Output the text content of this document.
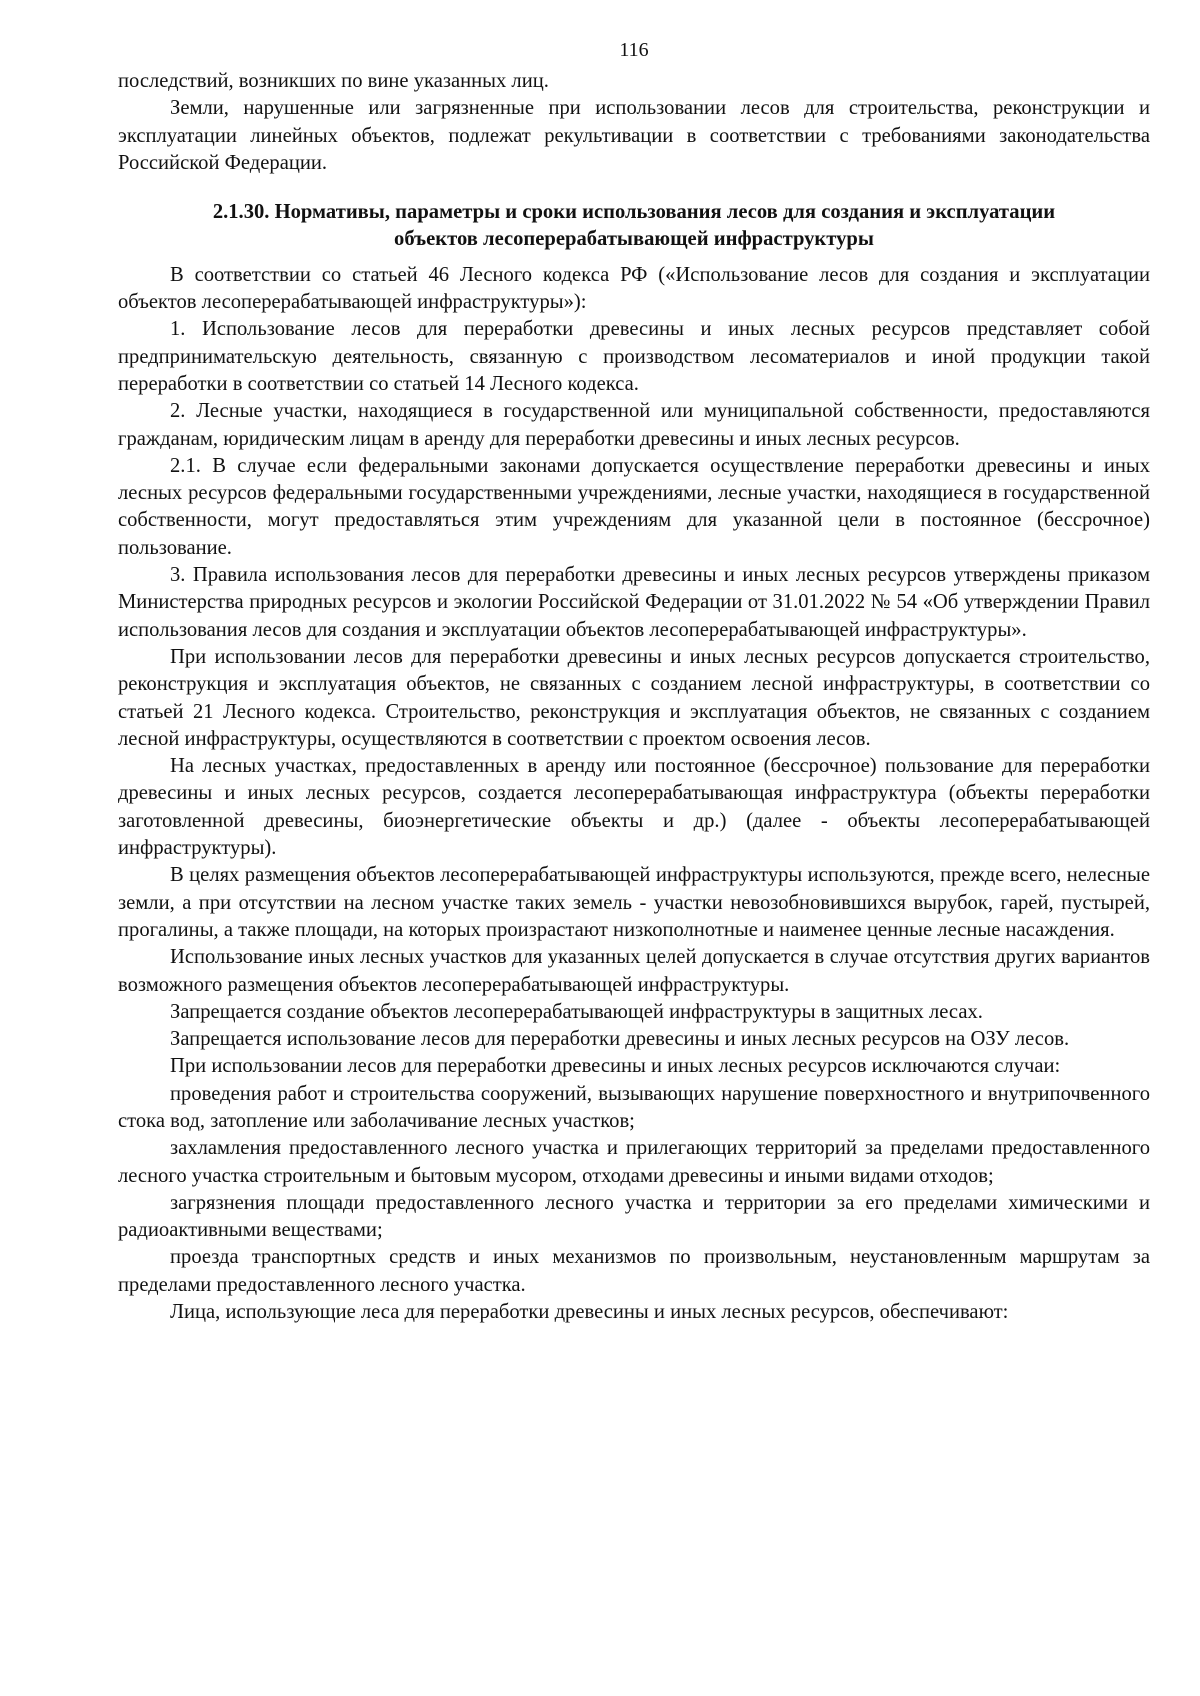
116

последствий, возникших по вине указанных лиц.

Земли, нарушенные или загрязненные при использовании лесов для строительства, реконструкции и эксплуатации линейных объектов, подлежат рекультивации в соответствии с требованиями законодательства Российской Федерации.

2.1.30. Нормативы, параметры и сроки использования лесов для создания и эксплуатации
объектов лесоперерабатывающей инфраструктуры

В соответствии со статьей 46 Лесного кодекса РФ («Использование лесов для создания и эксплуатации объектов лесоперерабатывающей инфраструктуры»):

1. Использование лесов для переработки древесины и иных лесных ресурсов представляет собой предпринимательскую деятельность, связанную с производством лесоматериалов и иной продукции такой переработки в соответствии со статьей 14 Лесного кодекса.

2. Лесные участки, находящиеся в государственной или муниципальной собственности, предоставляются гражданам, юридическим лицам в аренду для переработки древесины и иных лесных ресурсов.

2.1. В случае если федеральными законами допускается осуществление переработки древесины и иных лесных ресурсов федеральными государственными учреждениями, лесные участки, находящиеся в государственной собственности, могут предоставляться этим учреждениям для указанной цели в постоянное (бессрочное) пользование.

3. Правила использования лесов для переработки древесины и иных лесных ресурсов утверждены приказом Министерства природных ресурсов и экологии Российской Федерации от 31.01.2022 № 54 «Об утверждении Правил использования лесов для создания и эксплуатации объектов лесоперерабатывающей инфраструктуры».

При использовании лесов для переработки древесины и иных лесных ресурсов допускается строительство, реконструкция и эксплуатация объектов, не связанных с созданием лесной инфраструктуры, в соответствии со статьей 21 Лесного кодекса. Строительство, реконструкция и эксплуатация объектов, не связанных с созданием лесной инфраструктуры, осуществляются в соответствии с проектом освоения лесов.

На лесных участках, предоставленных в аренду или постоянное (бессрочное) пользование для переработки древесины и иных лесных ресурсов, создается лесоперерабатывающая инфраструктура (объекты переработки заготовленной древесины, биоэнергетические объекты и др.) (далее - объекты лесоперерабатывающей инфраструктуры).

В целях размещения объектов лесоперерабатывающей инфраструктуры используются, прежде всего, нелесные земли, а при отсутствии на лесном участке таких земель - участки невозобновившихся вырубок, гарей, пустырей, прогалины, а также площади, на которых произрастают низкополнотные и наименее ценные лесные насаждения.

Использование иных лесных участков для указанных целей допускается в случае отсутствия других вариантов возможного размещения объектов лесоперерабатывающей инфраструктуры.

Запрещается создание объектов лесоперерабатывающей инфраструктуры в защитных лесах.

Запрещается использование лесов для переработки древесины и иных лесных ресурсов на ОЗУ лесов.

При использовании лесов для переработки древесины и иных лесных ресурсов исключаются случаи:

проведения работ и строительства сооружений, вызывающих нарушение поверхностного и внутрипочвенного стока вод, затопление или заболачивание лесных участков;

захламления предоставленного лесного участка и прилегающих территорий за пределами предоставленного лесного участка строительным и бытовым мусором, отходами древесины и иными видами отходов;

загрязнения площади предоставленного лесного участка и территории за его пределами химическими и радиоактивными веществами;

проезда транспортных средств и иных механизмов по произвольным, неустановленным маршрутам за пределами предоставленного лесного участка.

Лица, использующие леса для переработки древесины и иных лесных ресурсов, обеспечивают:
